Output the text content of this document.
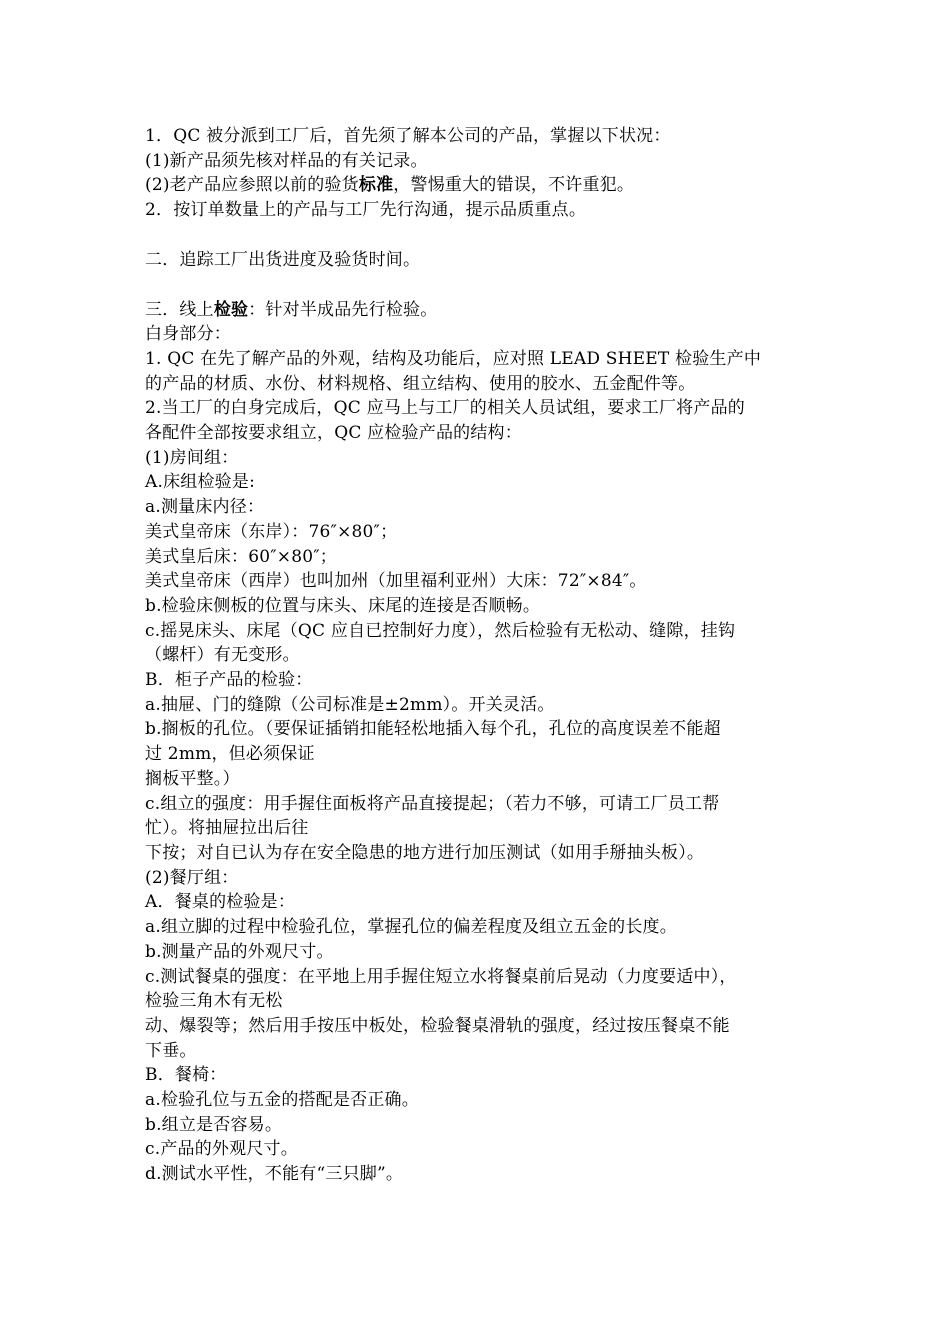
1．QC 被分派到工厂后，首先须了解本公司的产品，掌握以下状况：
(1)新产品须先核对样品的有关记录。
(2)老产品应参照以前的验货标准，警惕重大的错误，不许重犯。
2．按订单数量上的产品与工厂先行沟通，提示品质重点。
二．追踪工厂出货进度及验货时间。
三．线上检验：针对半成品先行检验。
白身部分：
1. QC 在先了解产品的外观，结构及功能后，应对照 LEAD SHEET 检验生产中
的产品的材质、水份、材料规格、组立结构、使用的胶水、五金配件等。
2.当工厂的白身完成后，QC 应马上与工厂的相关人员试组，要求工厂将产品的
各配件全部按要求组立，QC 应检验产品的结构：
(1)房间组：
A.床组检验是:
a.测量床内径：
美式皇帝床（东岸）：76″×80″；
美式皇后床：60″×80″；
美式皇帝床（西岸）也叫加州（加里福利亚州）大床：72″×84″。
b.检验床侧板的位置与床头、床尾的连接是否顺畅。
c.摇晃床头、床尾（QC 应自已控制好力度），然后检验有无松动、缝隙，挂钩
（螺杆）有无变形。
B．柜子产品的检验：
a.抽屉、门的缝隙（公司标准是±2mm）。开关灵活。
b.搁板的孔位。（要保证插销扣能轻松地插入每个孔，孔位的高度误差不能超
过 2mm，但必须保证
搁板平整。）
c.组立的强度：用手握住面板将产品直接提起；（若力不够，可请工厂员工帮
忙）。将抽屉拉出后往
下按；对自已认为存在安全隐患的地方进行加压测试（如用手掰抽头板）。
(2)餐厅组：
A．餐桌的检验是：
a.组立脚的过程中检验孔位，掌握孔位的偏差程度及组立五金的长度。
b.测量产品的外观尺寸。
c.测试餐桌的强度：在平地上用手握住短立水将餐桌前后晃动（力度要适中），
检验三角木有无松
动、爆裂等；然后用手按压中板处，检验餐桌滑轨的强度，经过按压餐桌不能
下垂。
B．餐椅：
a.检验孔位与五金的搭配是否正确。
b.组立是否容易。
c.产品的外观尺寸。
d.测试水平性，不能有“三只脚”。
